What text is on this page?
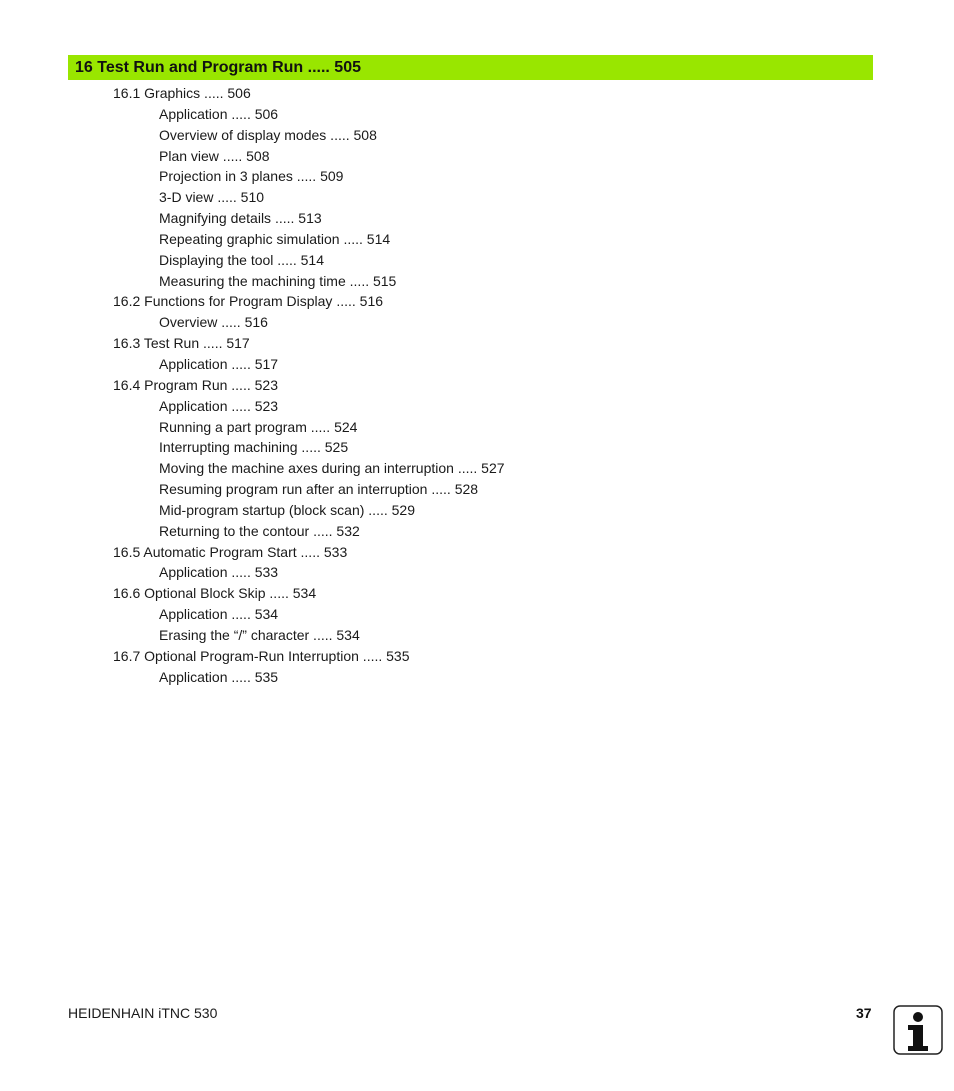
16 Test Run and Program Run ..... 505
16.1 Graphics ..... 506
Application ..... 506
Overview of display modes ..... 508
Plan view ..... 508
Projection in 3 planes ..... 509
3-D view ..... 510
Magnifying details ..... 513
Repeating graphic simulation ..... 514
Displaying the tool ..... 514
Measuring the machining time ..... 515
16.2 Functions for Program Display ..... 516
Overview ..... 516
16.3 Test Run ..... 517
Application ..... 517
16.4 Program Run ..... 523
Application ..... 523
Running a part program ..... 524
Interrupting machining ..... 525
Moving the machine axes during an interruption ..... 527
Resuming program run after an interruption ..... 528
Mid-program startup (block scan) ..... 529
Returning to the contour ..... 532
16.5 Automatic Program Start ..... 533
Application ..... 533
16.6 Optional Block Skip ..... 534
Application ..... 534
Erasing the “/” character ..... 534
16.7 Optional Program-Run Interruption ..... 535
Application ..... 535
HEIDENHAIN iTNC 530	37
